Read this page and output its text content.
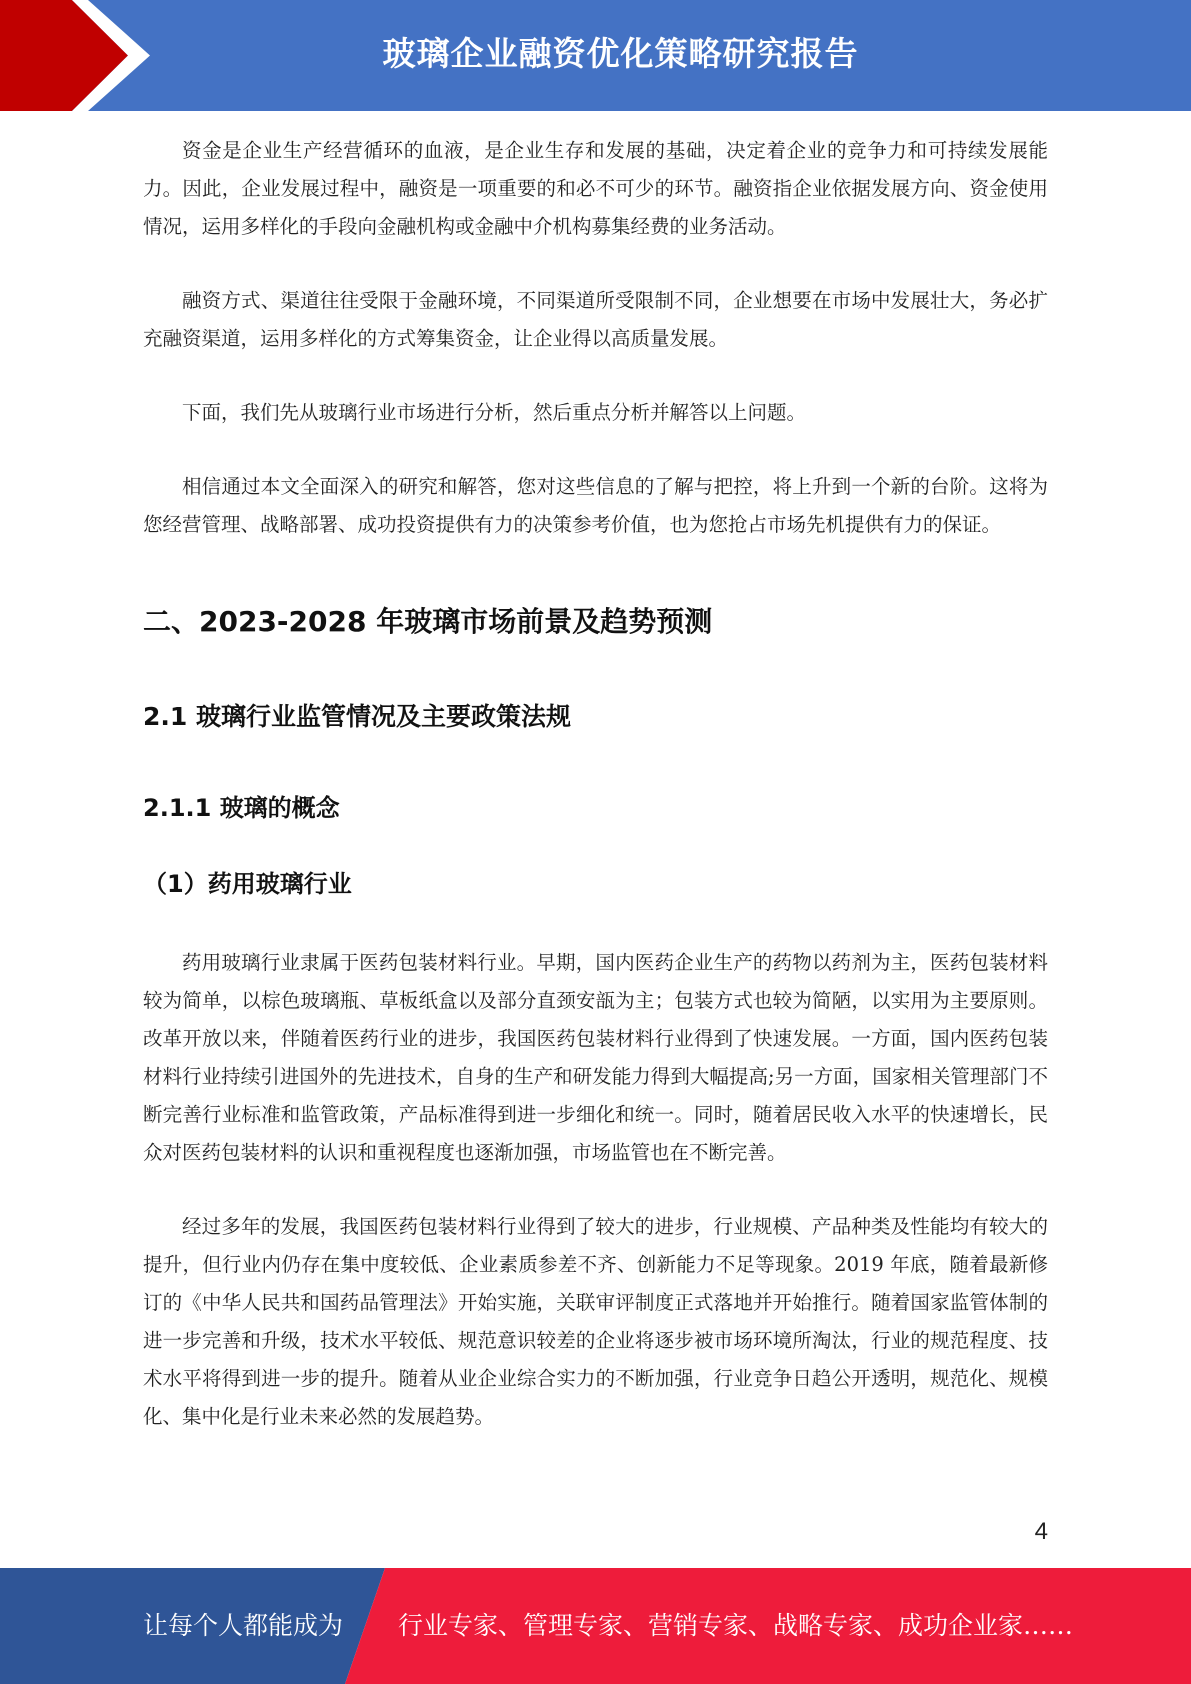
玻璃企业融资优化策略研究报告

资金是企业生产经营循环的血液，是企业生存和发展的基础，决定着企业的竞争力和可持续发展能力。因此，企业发展过程中，融资是一项重要的和必不可少的环节。融资指企业依据发展方向、资金使用情况，运用多样化的手段向金融机构或金融中介机构募集经费的业务活动。

融资方式、渠道往往受限于金融环境，不同渠道所受限制不同，企业想要在市场中发展壮大，务必扩充融资渠道，运用多样化的方式筹集资金，让企业得以高质量发展。

下面，我们先从玻璃行业市场进行分析，然后重点分析并解答以上问题。

相信通过本文全面深入的研究和解答，您对这些信息的了解与把控，将上升到一个新的台阶。这将为您经营管理、战略部署、成功投资提供有力的决策参考价值，也为您抢占市场先机提供有力的保证。

二、2023-2028 年玻璃市场前景及趋势预测
2.1 玻璃行业监管情况及主要政策法规
2.1.1 玻璃的概念
（1）药用玻璃行业

药用玻璃行业隶属于医药包装材料行业。早期，国内医药企业生产的药物以药剂为主，医药包装材料较为简单，以棕色玻璃瓶、草板纸盒以及部分直颈安瓿为主；包装方式也较为简陋，以实用为主要原则。改革开放以来，伴随着医药行业的进步，我国医药包装材料行业得到了快速发展。一方面，国内医药包装材料行业持续引进国外的先进技术，自身的生产和研发能力得到大幅提高;另一方面，国家相关管理部门不断完善行业标准和监管政策，产品标准得到进一步细化和统一。同时，随着居民收入水平的快速增长，民众对医药包装材料的认识和重视程度也逐渐加强，市场监管也在不断完善。

经过多年的发展，我国医药包装材料行业得到了较大的进步，行业规模、产品种类及性能均有较大的提升，但行业内仍存在集中度较低、企业素质参差不齐、创新能力不足等现象。2019 年底，随着最新修订的《中华人民共和国药品管理法》开始实施，关联审评制度正式落地并开始推行。随着国家监管体制的进一步完善和升级，技术水平较低、规范意识较差的企业将逐步被市场环境所淘汰，行业的规范程度、技术水平将得到进一步的提升。随着从业企业综合实力的不断加强，行业竞争日趋公开透明，规范化、规模化、集中化是行业未来必然的发展趋势。

4
让每个人都能成为 行业专家、管理专家、营销专家、战略专家、成功企业家……
